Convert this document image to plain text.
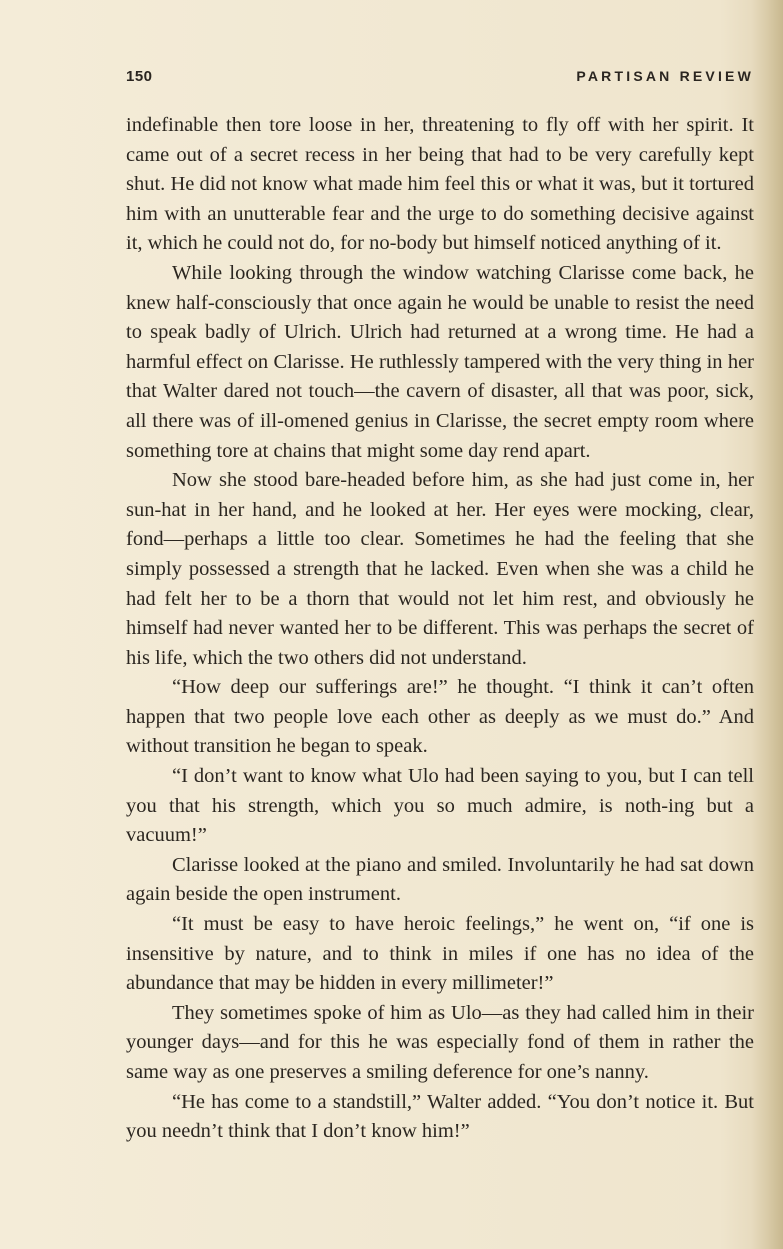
150	PARTISAN REVIEW

indefinable then tore loose in her, threatening to fly off with her spirit. It came out of a secret recess in her being that had to be very carefully kept shut. He did not know what made him feel this or what it was, but it tortured him with an unutterable fear and the urge to do something decisive against it, which he could not do, for no-body but himself noticed anything of it.

While looking through the window watching Clarisse come back, he knew half-consciously that once again he would be unable to resist the need to speak badly of Ulrich. Ulrich had returned at a wrong time. He had a harmful effect on Clarisse. He ruthlessly tampered with the very thing in her that Walter dared not touch—the cavern of disaster, all that was poor, sick, all there was of ill-omened genius in Clarisse, the secret empty room where something tore at chains that might some day rend apart.

Now she stood bare-headed before him, as she had just come in, her sun-hat in her hand, and he looked at her. Her eyes were mocking, clear, fond—perhaps a little too clear. Sometimes he had the feeling that she simply possessed a strength that he lacked. Even when she was a child he had felt her to be a thorn that would not let him rest, and obviously he himself had never wanted her to be different. This was perhaps the secret of his life, which the two others did not understand.

“How deep our sufferings are!” he thought. “I think it can’t often happen that two people love each other as deeply as we must do.” And without transition he began to speak.

“I don’t want to know what Ulo had been saying to you, but I can tell you that his strength, which you so much admire, is noth-ing but a vacuum!”

Clarisse looked at the piano and smiled. Involuntarily he had sat down again beside the open instrument.

“It must be easy to have heroic feelings,” he went on, “if one is insensitive by nature, and to think in miles if one has no idea of the abundance that may be hidden in every millimeter!”

They sometimes spoke of him as Ulo—as they had called him in their younger days—and for this he was especially fond of them in rather the same way as one preserves a smiling deference for one’s nanny.

“He has come to a standstill,” Walter added. “You don’t notice it. But you needn’t think that I don’t know him!”
